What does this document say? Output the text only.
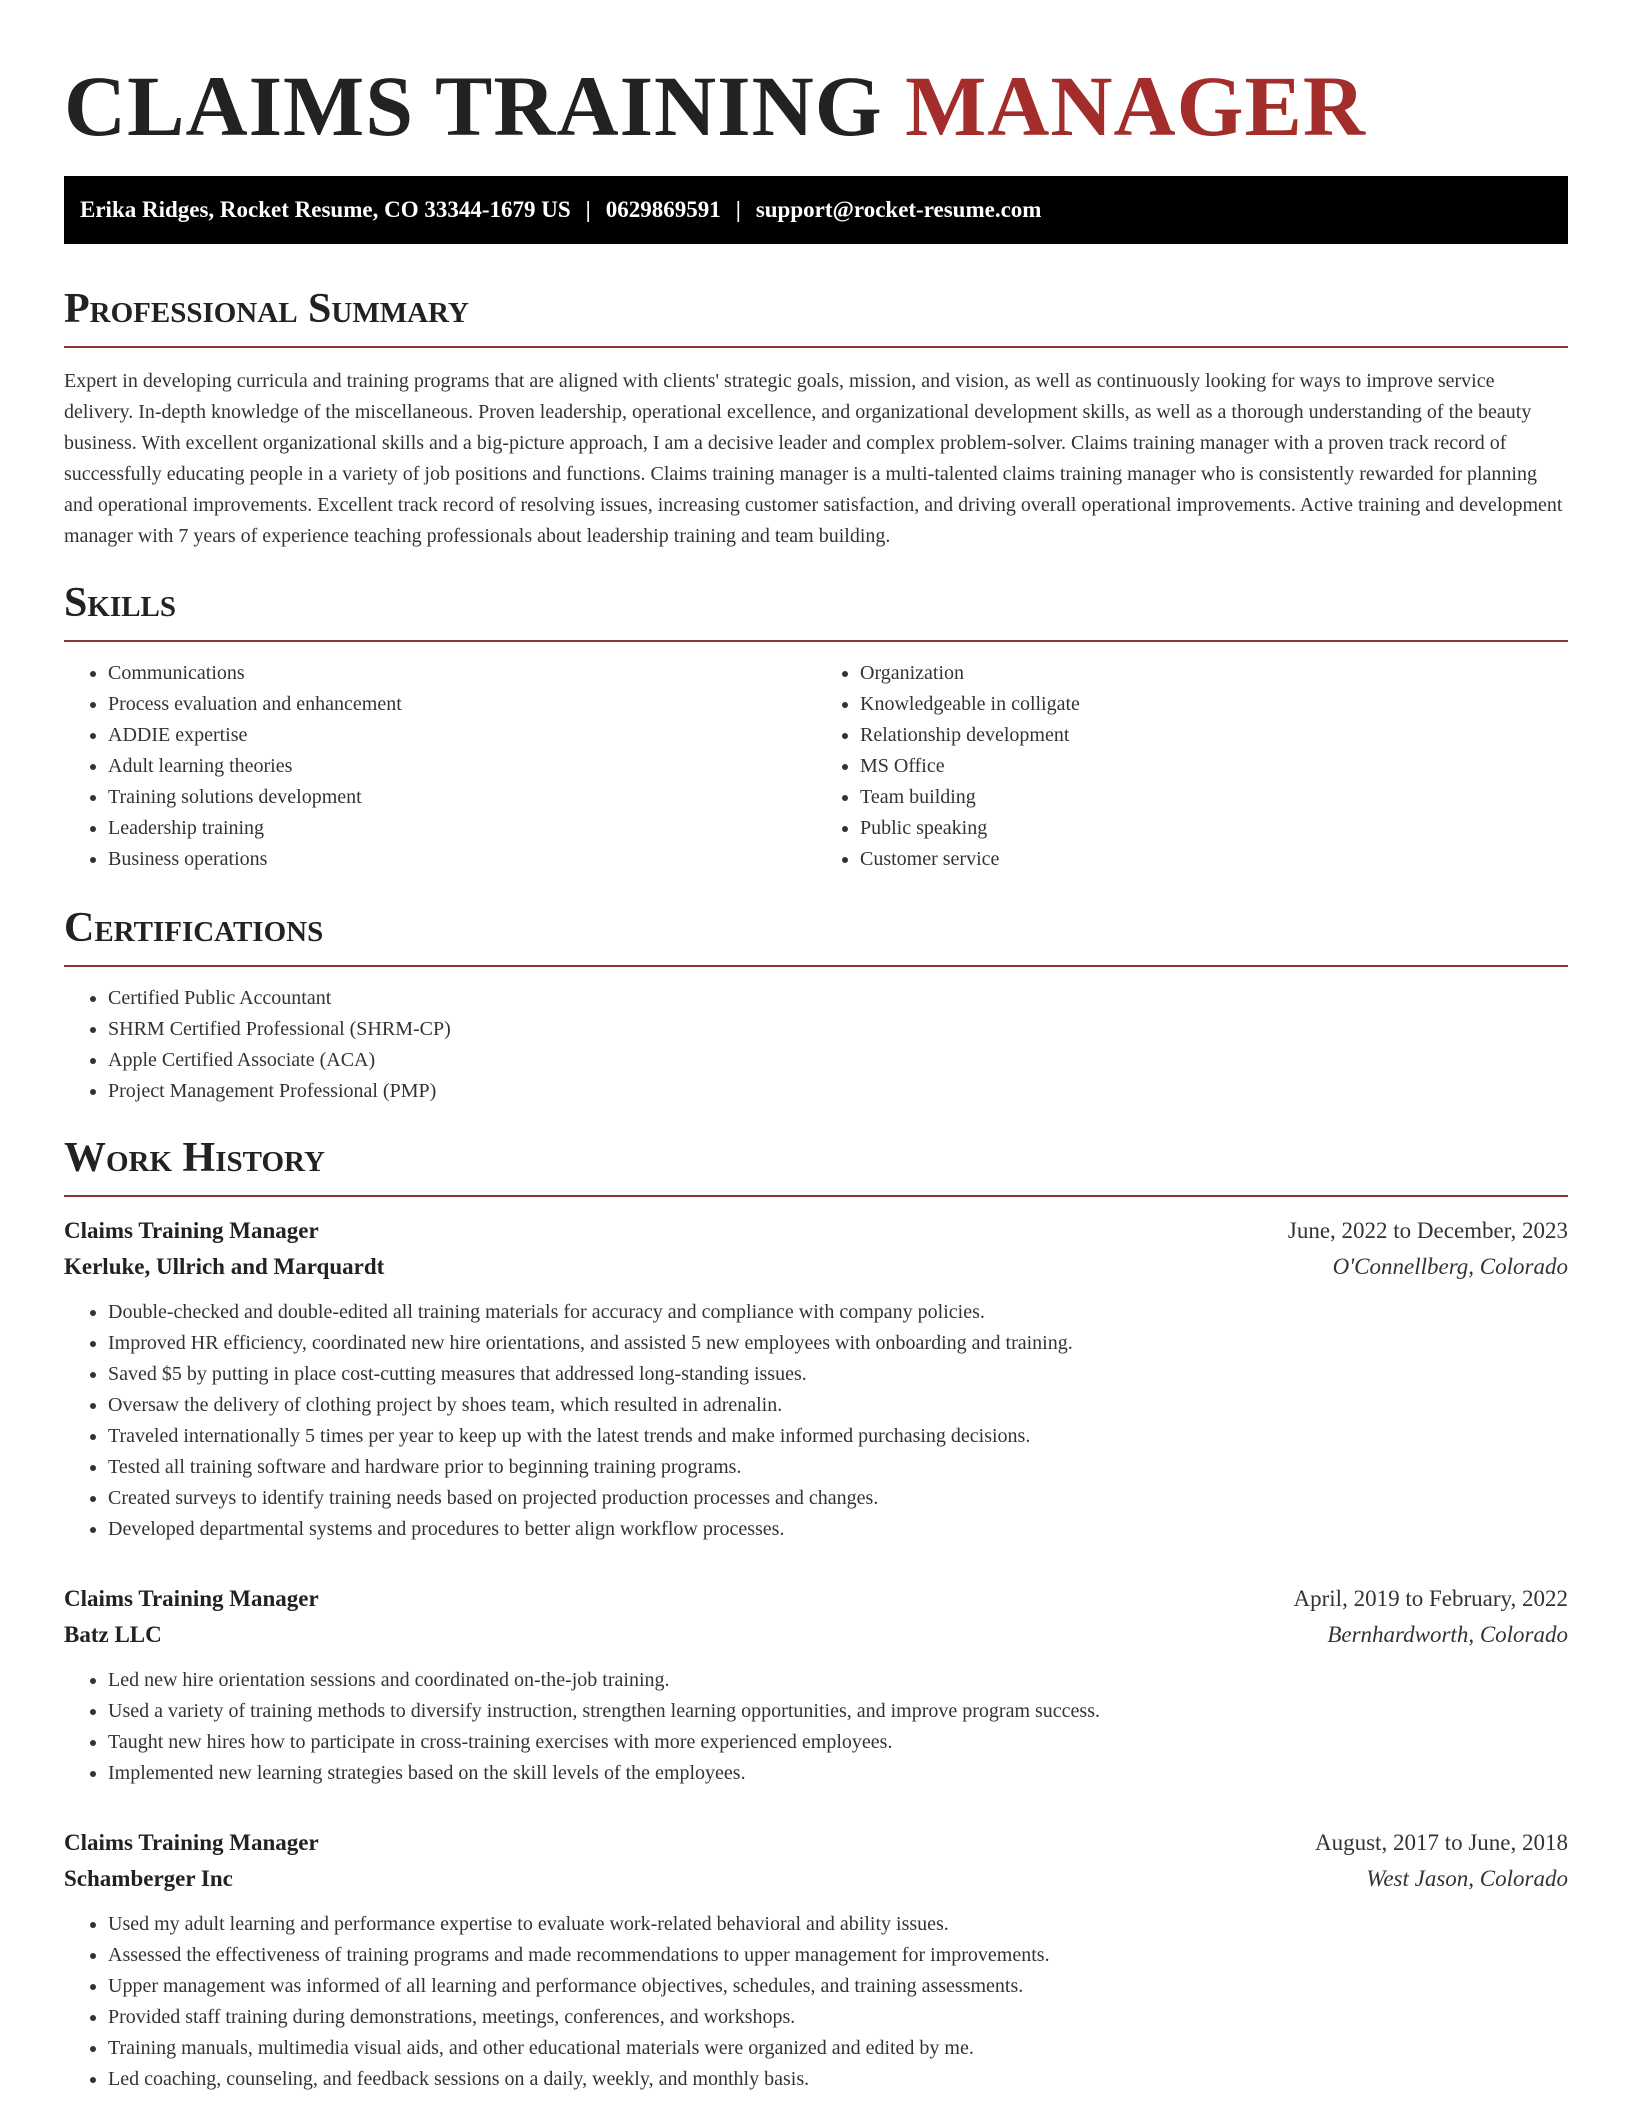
CLAIMS TRAINING MANAGER
Erika Ridges, Rocket Resume, CO 33344-1679 US | 0629869591 | support@rocket-resume.com
Professional Summary

Expert in developing curricula and training programs that are aligned with clients' strategic goals, mission, and vision, as well as continuously looking for ways to improve service delivery. In-depth knowledge of the miscellaneous. Proven leadership, operational excellence, and organizational development skills, as well as a thorough understanding of the beauty business. With excellent organizational skills and a big-picture approach, I am a decisive leader and complex problem-solver. Claims training manager with a proven track record of successfully educating people in a variety of job positions and functions. Claims training manager is a multi-talented claims training manager who is consistently rewarded for planning and operational improvements. Excellent track record of resolving issues, increasing customer satisfaction, and driving overall operational improvements. Active training and development manager with 7 years of experience teaching professionals about leadership training and team building.

Skills
• Communications
• Process evaluation and enhancement
• ADDIE expertise
• Adult learning theories
• Training solutions development
• Leadership training
• Business operations
• Organization
• Knowledgeable in colligate
• Relationship development
• MS Office
• Team building
• Public speaking
• Customer service
Certifications
• Certified Public Accountant
• SHRM Certified Professional (SHRM-CP)
• Apple Certified Associate (ACA)
• Project Management Professional (PMP)
Work History
Claims Training Manager	June, 2022 to December, 2023
Kerluke, Ullrich and Marquardt	O'Connellberg, Colorado
• Double-checked and double-edited all training materials for accuracy and compliance with company policies.
• Improved HR efficiency, coordinated new hire orientations, and assisted 5 new employees with onboarding and training.
• Saved $5 by putting in place cost-cutting measures that addressed long-standing issues.
• Oversaw the delivery of clothing project by shoes team, which resulted in adrenalin.
• Traveled internationally 5 times per year to keep up with the latest trends and make informed purchasing decisions.
• Tested all training software and hardware prior to beginning training programs.
• Created surveys to identify training needs based on projected production processes and changes.
• Developed departmental systems and procedures to better align workflow processes.
Claims Training Manager	April, 2019 to February, 2022
Batz LLC	Bernhardworth, Colorado
• Led new hire orientation sessions and coordinated on-the-job training.
• Used a variety of training methods to diversify instruction, strengthen learning opportunities, and improve program success.
• Taught new hires how to participate in cross-training exercises with more experienced employees.
• Implemented new learning strategies based on the skill levels of the employees.
Claims Training Manager	August, 2017 to June, 2018
Schamberger Inc	West Jason, Colorado
• Used my adult learning and performance expertise to evaluate work-related behavioral and ability issues.
• Assessed the effectiveness of training programs and made recommendations to upper management for improvements.
• Upper management was informed of all learning and performance objectives, schedules, and training assessments.
• Provided staff training during demonstrations, meetings, conferences, and workshops.
• Training manuals, multimedia visual aids, and other educational materials were organized and edited by me.
• Led coaching, counseling, and feedback sessions on a daily, weekly, and monthly basis.
